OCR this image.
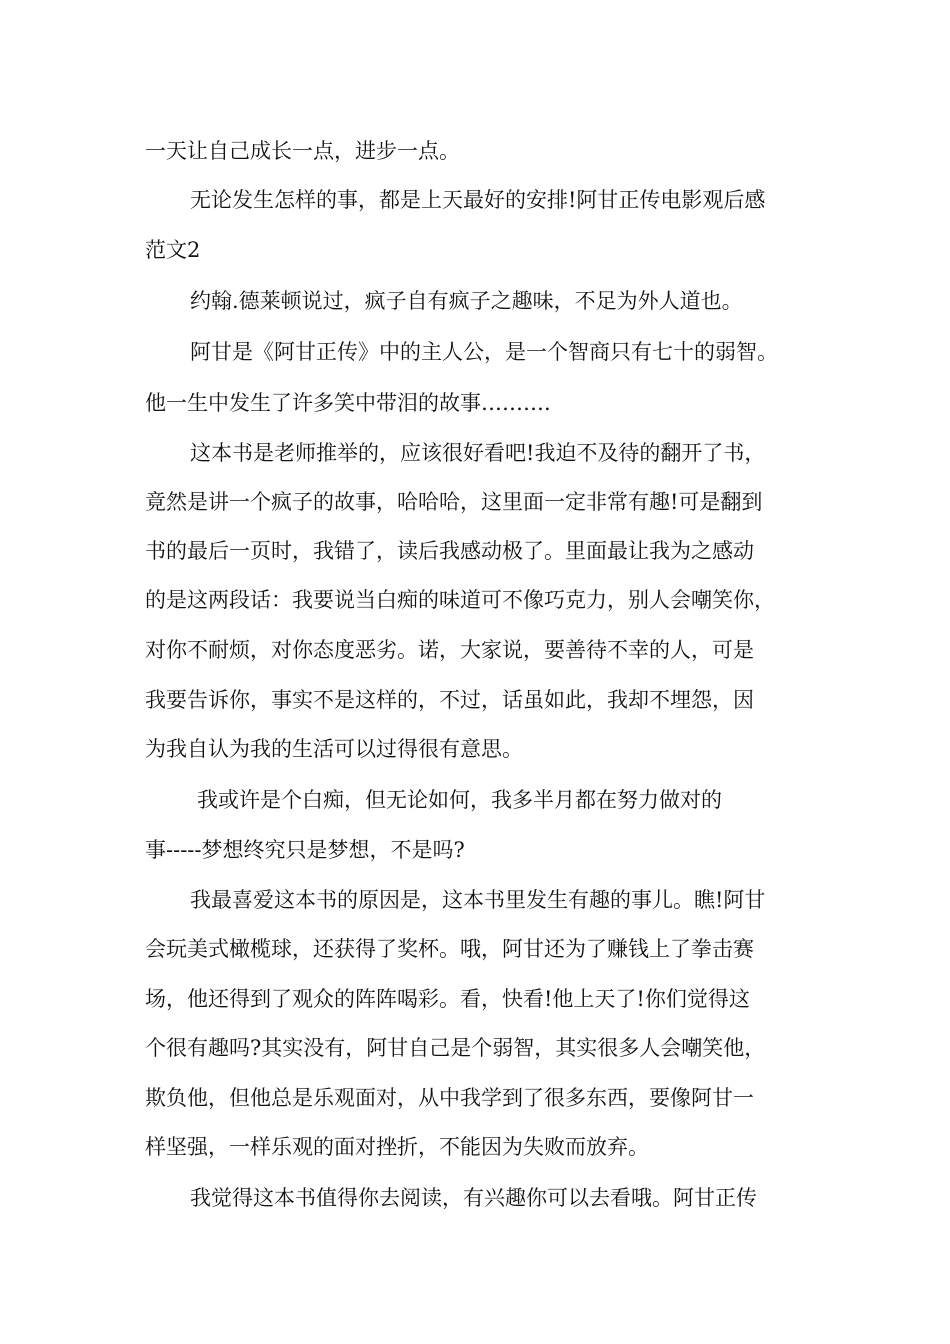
一天让自己成长一点，进步一点。
无论发生怎样的事，都是上天最好的安排!阿甘正传电影观后感
范文2
约翰.德莱顿说过，疯子自有疯子之趣味，不足为外人道也。
阿甘是《阿甘正传》中的主人公，是一个智商只有七十的弱智。
他一生中发生了许多笑中带泪的故事……….
这本书是老师推举的，应该很好看吧!我迫不及待的翻开了书，
竟然是讲一个疯子的故事，哈哈哈，这里面一定非常有趣!可是翻到
书的最后一页时，我错了，读后我感动极了。里面最让我为之感动
的是这两段话：我要说当白痴的味道可不像巧克力，别人会嘲笑你，
对你不耐烦，对你态度恶劣。诺，大家说，要善待不幸的人，可是
我要告诉你，事实不是这样的，不过，话虽如此，我却不埋怨，因
为我自认为我的生活可以过得很有意思。
我或许是个白痴，但无论如何，我多半月都在努力做对的
事-----梦想终究只是梦想，不是吗?
我最喜爱这本书的原因是，这本书里发生有趣的事儿。瞧!阿甘
会玩美式橄榄球，还获得了奖杯。哦，阿甘还为了赚钱上了拳击赛
场，他还得到了观众的阵阵喝彩。看，快看!他上天了!你们觉得这
个很有趣吗?其实没有，阿甘自己是个弱智，其实很多人会嘲笑他，
欺负他，但他总是乐观面对，从中我学到了很多东西，要像阿甘一
样坚强，一样乐观的面对挫折，不能因为失败而放弃。
我觉得这本书值得你去阅读，有兴趣你可以去看哦。阿甘正传
